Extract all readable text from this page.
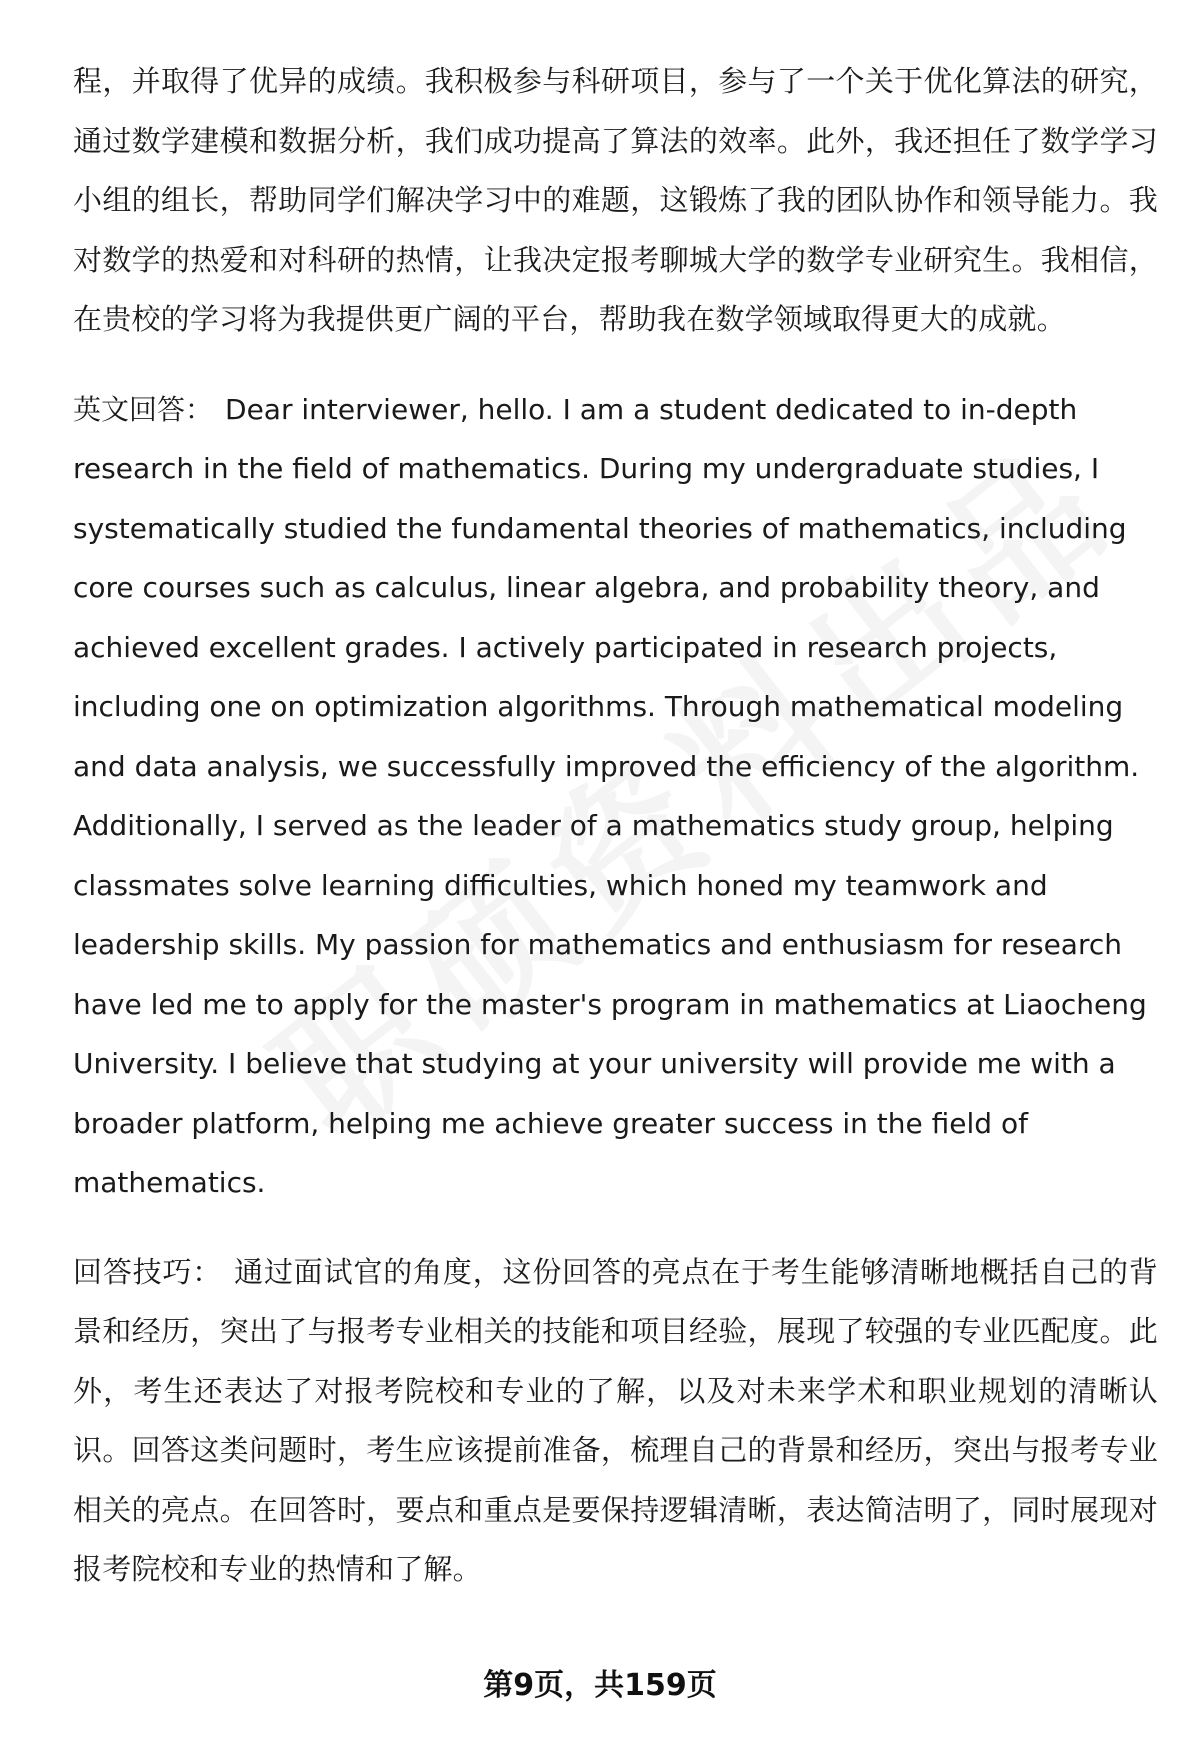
程，并取得了优异的成绩。我积极参与科研项目，参与了一个关于优化算法的研究，通过数学建模和数据分析，我们成功提高了算法的效率。此外，我还担任了数学学习小组的组长，帮助同学们解决学习中的难题，这锻炼了我的团队协作和领导能力。我对数学的热爱和对科研的热情，让我决定报考聊城大学的数学专业研究生。我相信，在贵校的学习将为我提供更广阔的平台，帮助我在数学领域取得更大的成就。

英文回答： Dear interviewer, hello. I am a student dedicated to in-depth research in the field of mathematics. During my undergraduate studies, I systematically studied the fundamental theories of mathematics, including core courses such as calculus, linear algebra, and probability theory, and achieved excellent grades. I actively participated in research projects, including one on optimization algorithms. Through mathematical modeling and data analysis, we successfully improved the efficiency of the algorithm. Additionally, I served as the leader of a mathematics study group, helping classmates solve learning difficulties, which honed my teamwork and leadership skills. My passion for mathematics and enthusiasm for research have led me to apply for the master's program in mathematics at Liaocheng University. I believe that studying at your university will provide me with a broader platform, helping me achieve greater success in the field of mathematics.

回答技巧： 通过面试官的角度，这份回答的亮点在于考生能够清晰地概括自己的背景和经历，突出了与报考专业相关的技能和项目经验，展现了较强的专业匹配度。此外，考生还表达了对报考院校和专业的了解，以及对未来学术和职业规划的清晰认识。回答这类问题时，考生应该提前准备，梳理自己的背景和经历，突出与报考专业相关的亮点。在回答时，要点和重点是要保持逻辑清晰，表达简洁明了，同时展现对报考院校和专业的热情和了解。

第9页，共159页
